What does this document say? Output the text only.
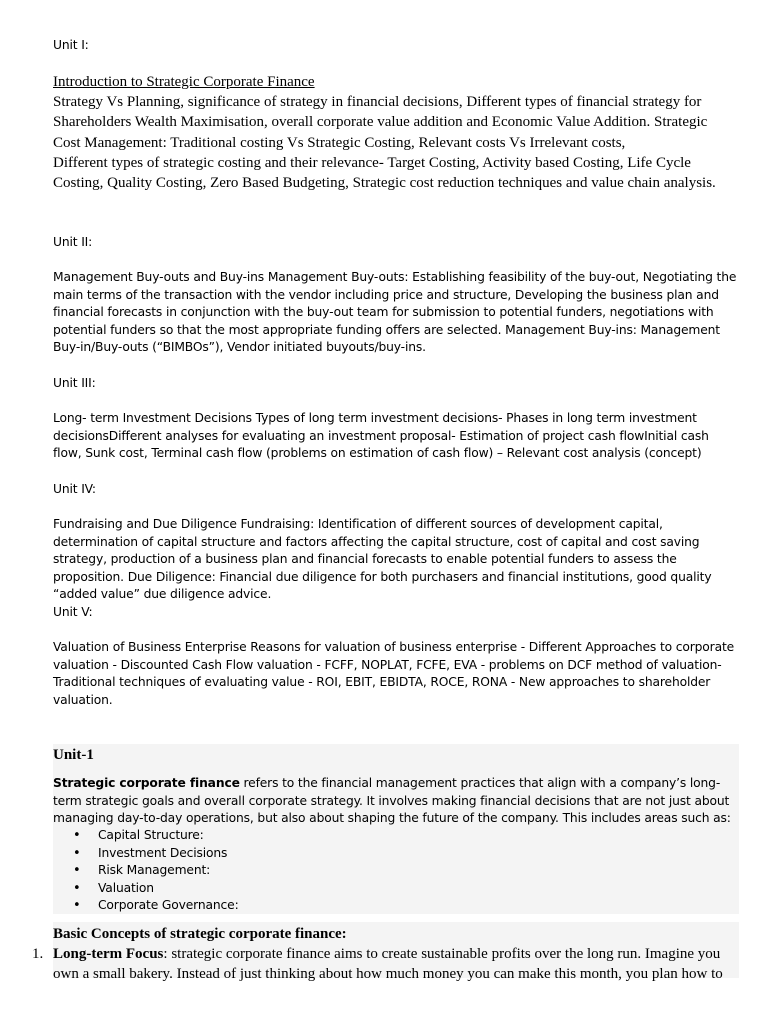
Unit I:
Introduction to Strategic Corporate Finance
Strategy Vs Planning, significance of strategy in financial decisions, Different types of financial strategy for Shareholders Wealth Maximisation, overall corporate value addition and Economic Value Addition. Strategic Cost Management: Traditional costing Vs Strategic Costing, Relevant costs Vs Irrelevant costs,
Different types of strategic costing and their relevance- Target Costing, Activity based Costing, Life Cycle Costing, Quality Costing, Zero Based Budgeting, Strategic cost reduction techniques and value chain analysis.
Unit II:
Management Buy-outs and Buy-ins Management Buy-outs: Establishing feasibility of the buy-out, Negotiating the main terms of the transaction with the vendor including price and structure, Developing the business plan and financial forecasts in conjunction with the buy-out team for submission to potential funders, negotiations with potential funders so that the most appropriate funding offers are selected. Management Buy-ins: Management Buy-in/Buy-outs (“BIMBOs”), Vendor initiated buyouts/buy-ins.
Unit III:
Long- term Investment Decisions Types of long term investment decisions- Phases in long term investment decisionsDifferent analyses for evaluating an investment proposal- Estimation of project cash flowInitial cash flow, Sunk cost, Terminal cash flow (problems on estimation of cash flow) – Relevant cost analysis (concept)
Unit IV:
Fundraising and Due Diligence Fundraising: Identification of different sources of development capital, determination of capital structure and factors affecting the capital structure, cost of capital and cost saving strategy, production of a business plan and financial forecasts to enable potential funders to assess the proposition. Due Diligence: Financial due diligence for both purchasers and financial institutions, good quality “added value” due diligence advice.
Unit V:
Valuation of Business Enterprise Reasons for valuation of business enterprise - Different Approaches to corporate valuation - Discounted Cash Flow valuation - FCFF, NOPLAT, FCFE, EVA - problems on DCF method of valuation- Traditional techniques of evaluating value - ROI, EBIT, EBIDTA, ROCE, RONA - New approaches to shareholder valuation.
Unit-1
Strategic corporate finance refers to the financial management practices that align with a company’s long-term strategic goals and overall corporate strategy. It involves making financial decisions that are not just about managing day-to-day operations, but also about shaping the future of the company. This includes areas such as:
• Capital Structure:
• Investment Decisions
• Risk Management:
• Valuation
• Corporate Governance:
Basic Concepts of strategic corporate finance:
1. Long-term Focus: strategic corporate finance aims to create sustainable profits over the long run. Imagine you own a small bakery. Instead of just thinking about how much money you can make this month, you plan how to
